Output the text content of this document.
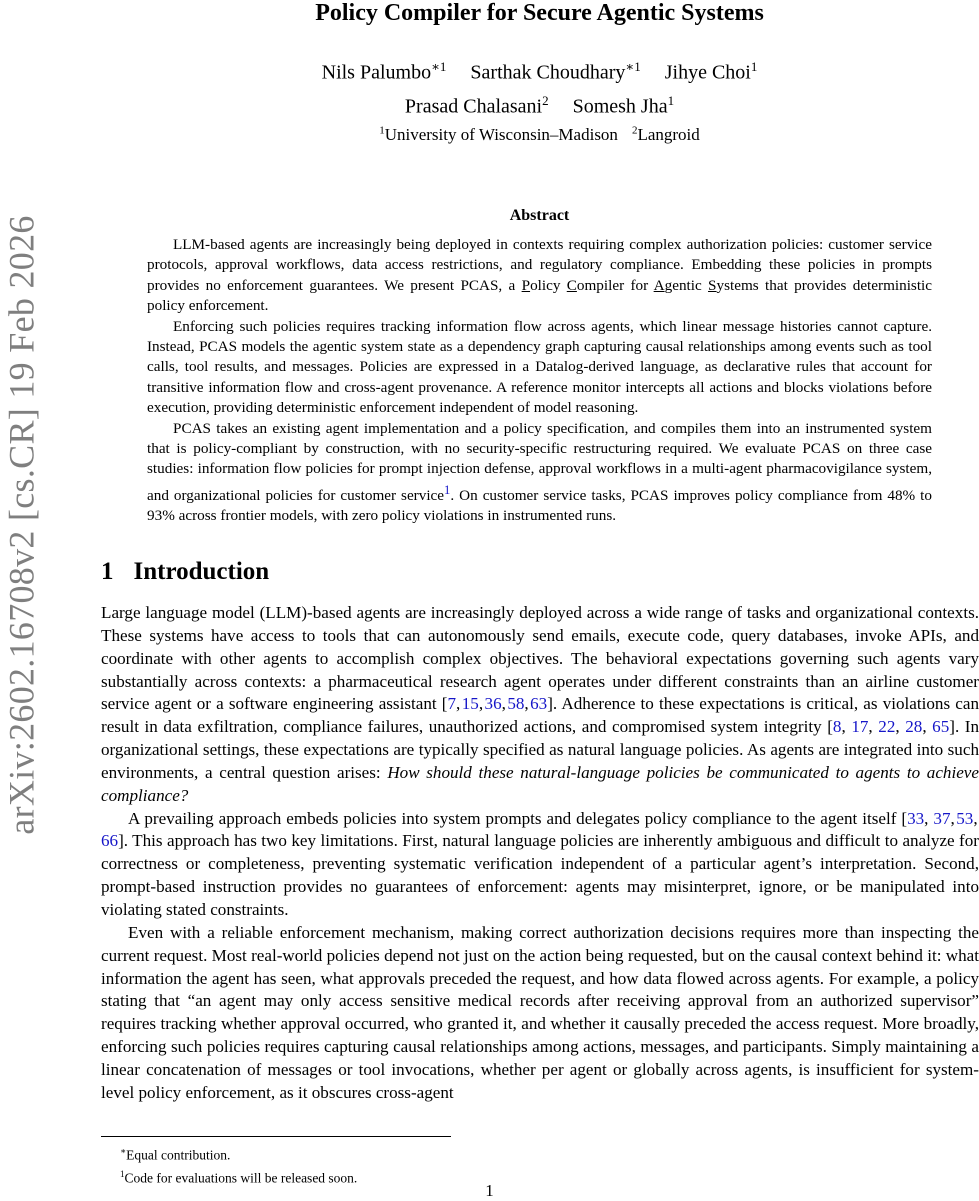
arXiv:2602.16708v2 [cs.CR] 19 Feb 2026
Policy Compiler for Secure Agentic Systems
Nils Palumbo$^{∗1}$ Sarthak Choudhary$^{∗1}$ Jihye Choi$^1$
Prasad Chalasani$^2$ Somesh Jha$^1$
$^1$University of Wisconsin–Madison $^2$Langroid
Abstract

LLM-based agents are increasingly being deployed in contexts requiring complex authorization policies: customer service protocols, approval workflows, data access restrictions, and regulatory compliance. Embedding these policies in prompts provides no enforcement guarantees. We present PCAS, a Policy Compiler for Agentic Systems that provides deterministic policy enforcement.

Enforcing such policies requires tracking information flow across agents, which linear message histories cannot capture. Instead, PCAS models the agentic system state as a dependency graph capturing causal relationships among events such as tool calls, tool results, and messages. Policies are expressed in a Datalog-derived language, as declarative rules that account for transitive information flow and cross-agent provenance. A reference monitor intercepts all actions and blocks violations before execution, providing deterministic enforcement independent of model reasoning.

PCAS takes an existing agent implementation and a policy specification, and compiles them into an instrumented system that is policy-compliant by construction, with no security-specific restructuring required. We evaluate PCAS on three case studies: information flow policies for prompt injection defense, approval workflows in a multi-agent pharmacovigilance system, and organizational policies for customer service$^1$. On customer service tasks, PCAS improves policy compliance from 48% to 93% across frontier models, with zero policy violations in instrumented runs.

1 Introduction

Large language model (LLM)-based agents are increasingly deployed across a wide range of tasks and organizational contexts. These systems have access to tools that can autonomously send emails, execute code, query databases, invoke APIs, and coordinate with other agents to accomplish complex objectives. The behavioral expectations governing such agents vary substantially across contexts: a pharmaceutical research agent operates under different constraints than an airline customer service agent or a software engineering assistant [7, 15, 36, 58, 63]. Adherence to these expectations is critical, as violations can result in data exfiltration, compliance failures, unauthorized actions, and compromised system integrity [8, 17, 22, 28, 65]. In organizational settings, these expectations are typically specified as natural language policies. As agents are integrated into such environments, a central question arises: How should these natural-language policies be communicated to agents to achieve compliance?

A prevailing approach embeds policies into system prompts and delegates policy compliance to the agent itself [33, 37, 53, 66]. This approach has two key limitations. First, natural language policies are inherently ambiguous and difficult to analyze for correctness or completeness, preventing systematic verification independent of a particular agent’s interpretation. Second, prompt-based instruction provides no guarantees of enforcement: agents may misinterpret, ignore, or be manipulated into violating stated constraints.

Even with a reliable enforcement mechanism, making correct authorization decisions requires more than inspecting the current request. Most real-world policies depend not just on the action being requested, but on the causal context behind it: what information the agent has seen, what approvals preceded the request, and how data flowed across agents. For example, a policy stating that “an agent may only access sensitive medical records after receiving approval from an authorized supervisor” requires tracking whether approval occurred, who granted it, and whether it causally preceded the access request. More broadly, enforcing such policies requires capturing causal relationships among actions, messages, and participants. Simply maintaining a linear concatenation of messages or tool invocations, whether per agent or globally across agents, is insufficient for system-level policy enforcement, as it obscures cross-agent

∗Equal contribution.
$^1$Code for evaluations will be released soon.
1
